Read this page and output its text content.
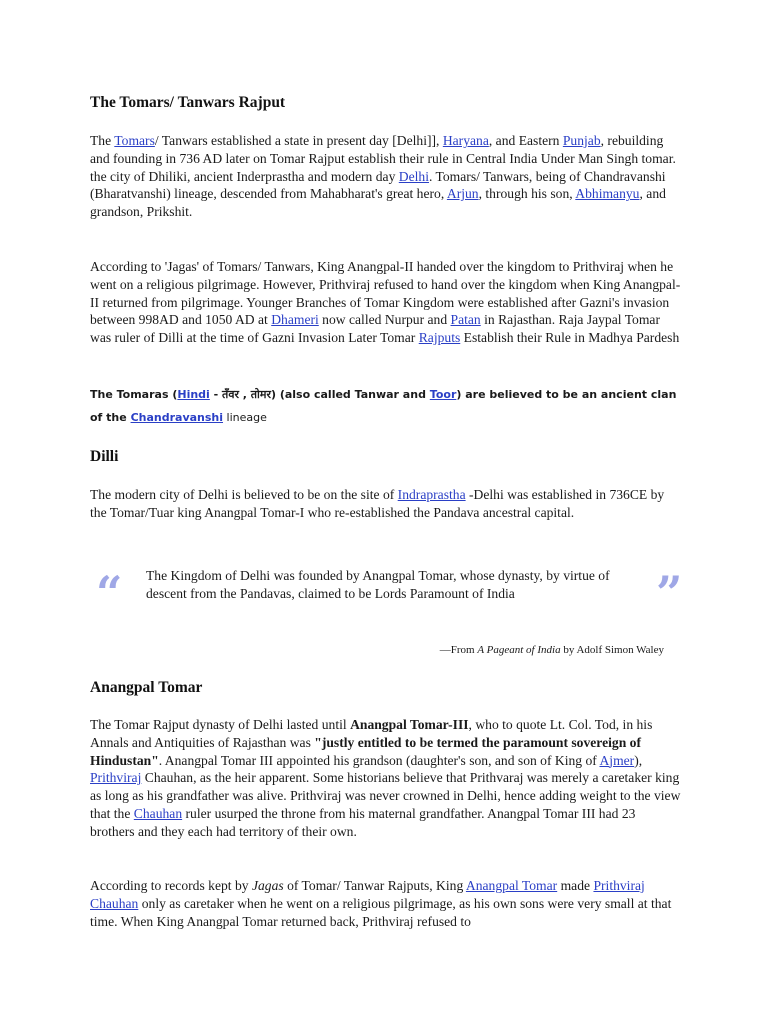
The Tomars/ Tanwars Rajput

The Tomars/ Tanwars established a state in present day [Delhi]], Haryana, and Eastern Punjab, rebuilding and founding in 736 AD later on Tomar Rajput establish their rule in Central India Under Man Singh tomar. the city of Dhiliki, ancient Inderprastha and modern day Delhi. Tomars/ Tanwars, being of Chandravanshi (Bharatvanshi) lineage, descended from Mahabharat's great hero, Arjun, through his son, Abhimanyu, and grandson, Prikshit.

According to 'Jagas' of Tomars/ Tanwars, King Anangpal-II handed over the kingdom to Prithviraj when he went on a religious pilgrimage. However, Prithviraj refused to hand over the kingdom when King Anangpal-II returned from pilgrimage. Younger Branches of Tomar Kingdom were established after Gazni's invasion between 998AD and 1050 AD at Dhameri now called Nurpur and Patan in Rajasthan. Raja Jaypal Tomar was ruler of Dilli at the time of Gazni Invasion Later Tomar Rajputs Establish their Rule in Madhya Pardesh

The Tomaras (Hindi - तँवर , तोमर) (also called Tanwar and Toor) are believed to be an ancient clan of the Chandravanshi lineage

Dilli

The modern city of Delhi is believed to be on the site of Indraprastha -Delhi was established in 736CE by the Tomar/Tuar king Anangpal Tomar-I who re-established the Pandava ancestral capital.

“ The Kingdom of Delhi was founded by Anangpal Tomar, whose dynasty, by virtue of descent from the Pandavas, claimed to be Lords Paramount of India	”
—From A Pageant of India by Adolf Simon Waley
Anangpal Tomar

The Tomar Rajput dynasty of Delhi lasted until Anangpal Tomar-III, who to quote Lt. Col. Tod, in his Annals and Antiquities of Rajasthan was "justly entitled to be termed the paramount sovereign of Hindustan". Anangpal Tomar III appointed his grandson (daughter's son, and son of King of Ajmer), Prithviraj Chauhan, as the heir apparent. Some historians believe that Prithvaraj was merely a caretaker king as long as his grandfather was alive. Prithviraj was never crowned in Delhi, hence adding weight to the view that the Chauhan ruler usurped the throne from his maternal grandfather. Anangpal Tomar III had 23 brothers and they each had territory of their own.

According to records kept by Jagas of Tomar/ Tanwar Rajputs, King Anangpal Tomar made Prithviraj Chauhan only as caretaker when he went on a religious pilgrimage, as his own sons were very small at that time. When King Anangpal Tomar returned back, Prithviraj refused to
